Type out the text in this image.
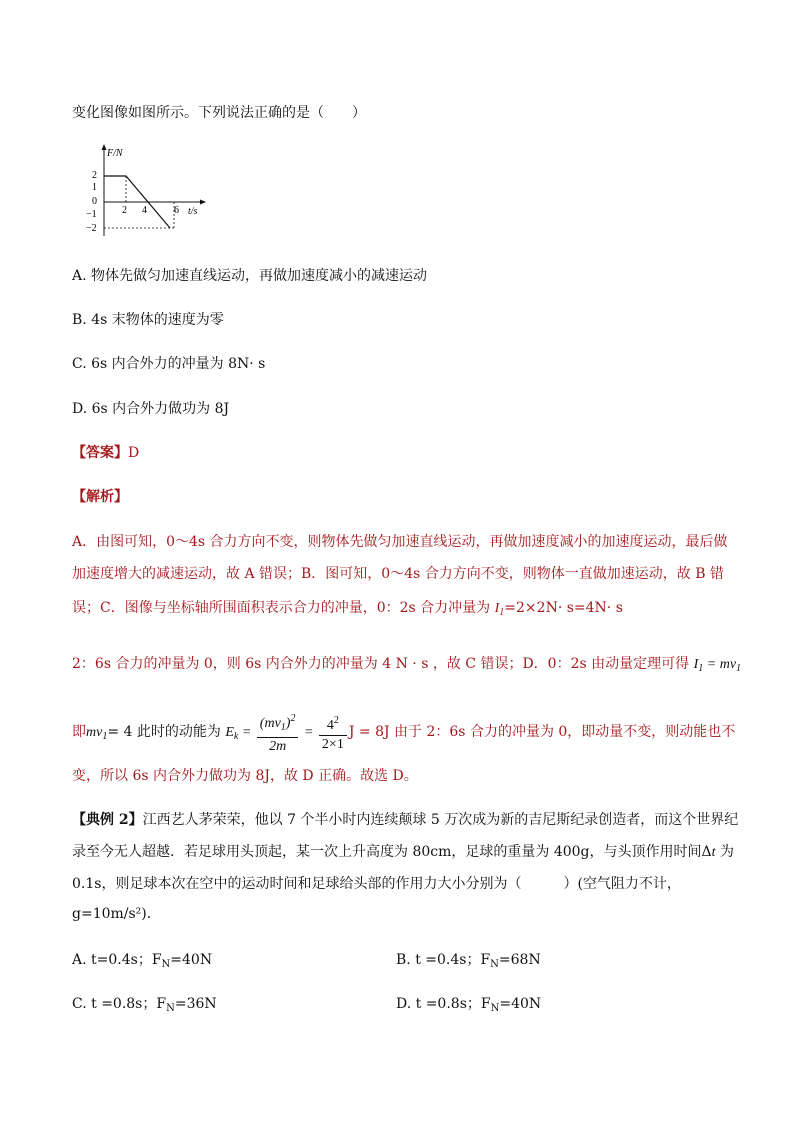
变化图像如图所示。下列说法正确的是（　　）
F/N
t/s
2
1
0
−1
−2
2 4	6
A. 物体先做匀加速直线运动，再做加速度减小的减速运动
B. 4s 末物体的速度为零
C. 6s 内合外力的冲量为 8N· s
D. 6s 内合外力做功为 8J
【答案】D
【解析】
A．由图可知，0～4s 合力方向不变，则物体先做匀加速直线运动，再做加速度减小的加速度运动，最后做
加速度增大的减速运动，故 A 错误；B．图可知，0～4s 合力方向不变，则物体一直做加速运动，故 B 错
误；C．图像与坐标轴所围面积表示合力的冲量，0：2s 合力冲量为 $I_1=2\times 2N\cdot s=4N\cdot s$
2：6s 合力的冲量为 0，则 6s 内合外力的冲量为 4 N · s ，故 C 错误；D．0：2s 由动量定理可得 $I_1 = mv_1$
即$mv_1= 4$ 此时的动能为 $E_k = \frac{(mv_1)^2}{2m} = \frac{4^2}{2\times 1}$ J = 8J 由于 2：6s 合力的冲量为 0，即动量不变，则动能也不
变，所以 6s 内合外力做功为 8J，故 D 正确。故选 D。
【典例 2】江西艺人茅荣荣，他以 7 个半小时内连续颠球 5 万次成为新的吉尼斯纪录创造者，而这个世界纪
录至今无人超越．若足球用头顶起，某一次上升高度为 80cm，足球的重量为 400g，与头顶作用时间Δt 为
0.1s，则足球本次在空中的运动时间和足球给头部的作用力大小分别为（　　　）(空气阻力不计，
g=10m/s²)．
A. t=0.4s；$F_N=40N$	B. t =0.4s；$F_N=68N$
C. t =0.8s；$F_N=36N$	D. t =0.8s；$F_N=40N$
